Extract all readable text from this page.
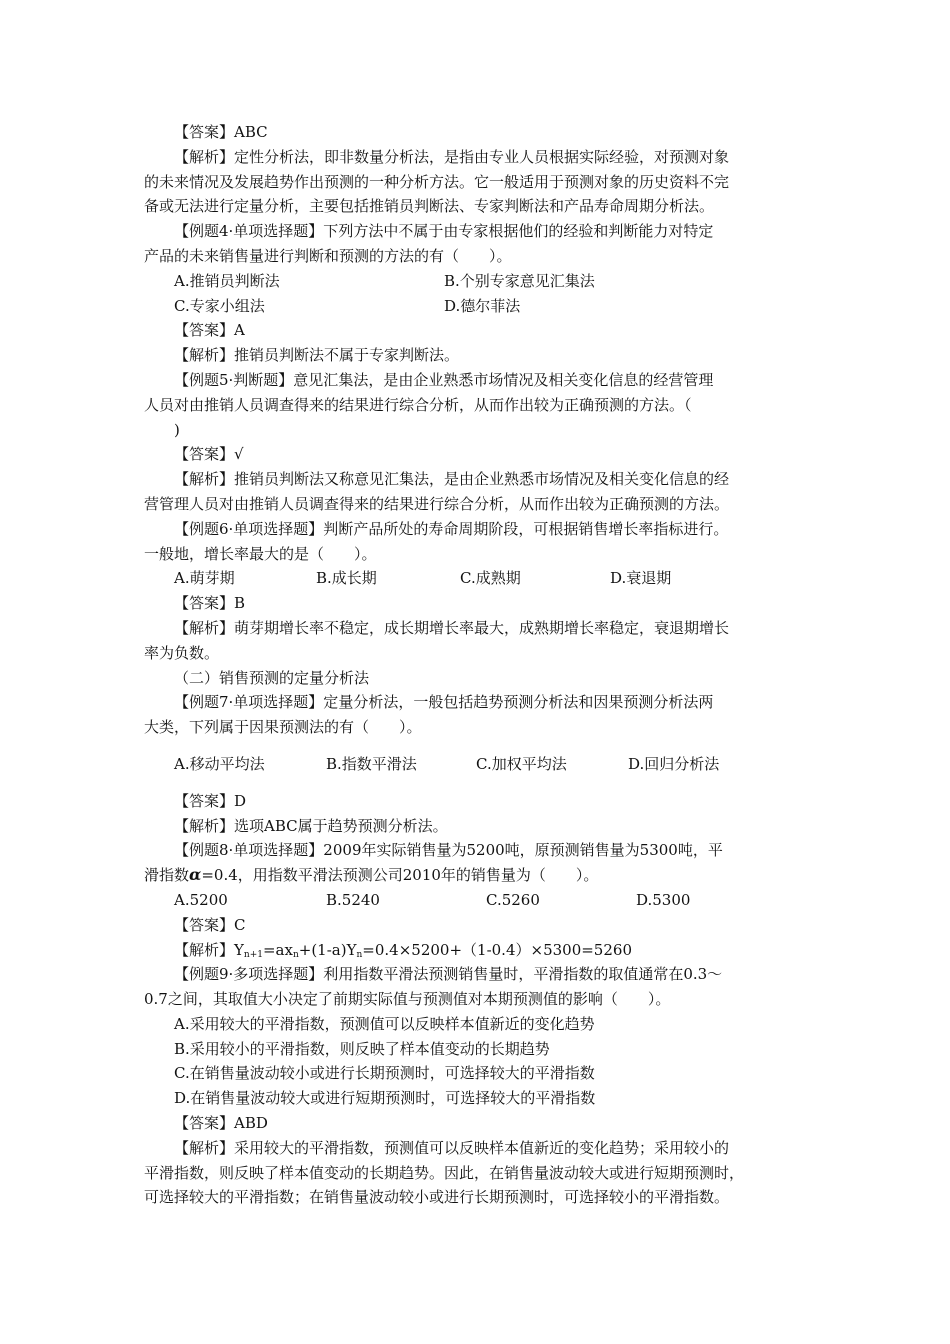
【答案】ABC
【解析】定性分析法，即非数量分析法，是指由专业人员根据实际经验，对预测对象
的未来情况及发展趋势作出预测的一种分析方法。它一般适用于预测对象的历史资料不完
备或无法进行定量分析，主要包括推销员判断法、专家判断法和产品寿命周期分析法。
【例题4·单项选择题】下列方法中不属于由专家根据他们的经验和判断能力对特定
产品的未来销售量进行判断和预测的方法的有（　　）。
A.推销员判断法	B.个别专家意见汇集法
C.专家小组法	D.德尔菲法
【答案】A
【解析】推销员判断法不属于专家判断法。
【例题5·判断题】意见汇集法，是由企业熟悉市场情况及相关变化信息的经营管理
人员对由推销人员调查得来的结果进行综合分析，从而作出较为正确预测的方法。（
)
【答案】√
【解析】推销员判断法又称意见汇集法，是由企业熟悉市场情况及相关变化信息的经
营管理人员对由推销人员调查得来的结果进行综合分析，从而作出较为正确预测的方法。
【例题6·单项选择题】判断产品所处的寿命周期阶段，可根据销售增长率指标进行。
一般地，增长率最大的是（　　）。
A.萌芽期	B.成长期	C.成熟期	D.衰退期
【答案】B
【解析】萌芽期增长率不稳定，成长期增长率最大，成熟期增长率稳定，衰退期增长
率为负数。
（二）销售预测的定量分析法
【例题7·单项选择题】定量分析法，一般包括趋势预测分析法和因果预测分析法两
大类，下列属于因果预测法的有（　　）。
A.移动平均法	B.指数平滑法	C.加权平均法	D.回归分析法
【答案】D
【解析】选项ABC属于趋势预测分析法。
【例题8·单项选择题】2009年实际销售量为5200吨，原预测销售量为5300吨，平
滑指数α=0.4，用指数平滑法预测公司2010年的销售量为（　　）。
A.5200	B.5240	C.5260	D.5300
【答案】C
【解析】$Y_{n+1}=ax_n+(1-a)Y_n=0.4\times 5200+(1-0.4)\times 5300=5260$
【例题9·多项选择题】利用指数平滑法预测销售量时，平滑指数的取值通常在0.3～
0.7之间，其取值大小决定了前期实际值与预测值对本期预测值的影响（　　）。
A.采用较大的平滑指数，预测值可以反映样本值新近的变化趋势
B.采用较小的平滑指数，则反映了样本值变动的长期趋势
C.在销售量波动较小或进行长期预测时，可选择较大的平滑指数
D.在销售量波动较大或进行短期预测时，可选择较大的平滑指数
【答案】ABD
【解析】采用较大的平滑指数，预测值可以反映样本值新近的变化趋势；采用较小的
平滑指数，则反映了样本值变动的长期趋势。因此，在销售量波动较大或进行短期预测时，
可选择较大的平滑指数；在销售量波动较小或进行长期预测时，可选择较小的平滑指数。
